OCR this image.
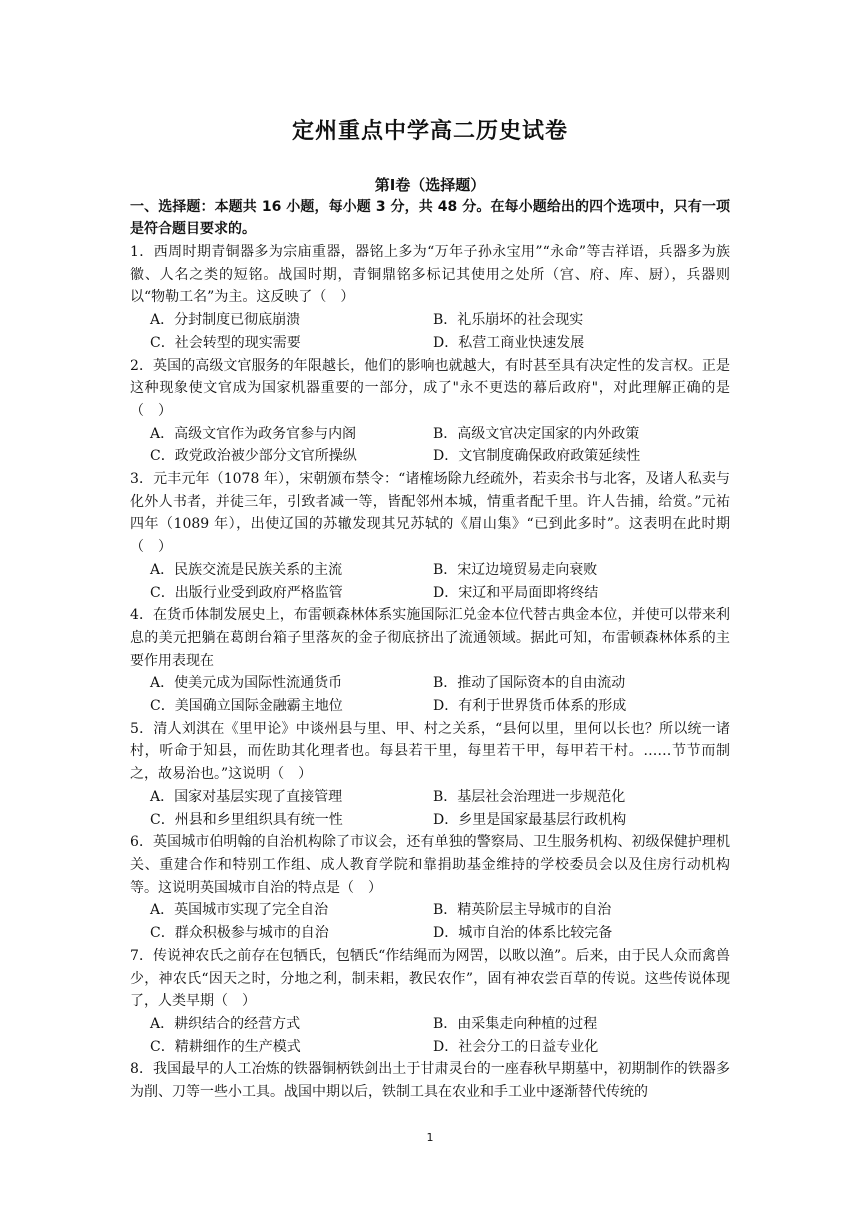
定州重点中学高二历史试卷
第Ⅰ卷（选择题）
一、选择题：本题共 16 小题，每小题 3 分，共 48 分。在每小题给出的四个选项中，只有一项是符合题目要求的。

1．西周时期青铜器多为宗庙重器，器铭上多为“万年子孙永宝用”“永命”等吉祥语，兵器多为族徽、人名之类的短铭。战国时期，青铜鼎铭多标记其使用之处所（宫、府、库、厨），兵器则以“物勒工名”为主。这反映了（　）

A．分封制度已彻底崩溃	B．礼乐崩坏的社会现实
C．社会转型的现实需要	D．私营工商业快速发展

2．英国的高级文官服务的年限越长，他们的影响也就越大，有时甚至具有决定性的发言权。正是这种现象使文官成为国家机器重要的一部分，成了"永不更迭的幕后政府"，对此理解正确的是（　）

A．高级文官作为政务官参与内阁	B．高级文官决定国家的内外政策
C．政党政治被少部分文官所操纵	D．文官制度确保政府政策延续性

3．元丰元年（1078 年），宋朝颁布禁令：“诸榷场除九经疏外，若卖余书与北客，及诸人私卖与化外人书者，并徒三年，引致者减一等，皆配邻州本城，情重者配千里。许人告捕，给赏。”元祐四年（1089 年），出使辽国的苏辙发现其兄苏轼的《眉山集》“已到此多时”。这表明在此时期（　）

A．民族交流是民族关系的主流	B．宋辽边境贸易走向衰败
C．出版行业受到政府严格监管	D．宋辽和平局面即将终结

4．在货币体制发展史上，布雷顿森林体系实施国际汇兑金本位代替古典金本位，并使可以带来利息的美元把躺在葛朗台箱子里落灰的金子彻底挤出了流通领域。据此可知，布雷顿森林体系的主要作用表现在

A．使美元成为国际性流通货币	B．推动了国际资本的自由流动
C．美国确立国际金融霸主地位	D．有利于世界货币体系的形成

5．清人刘淇在《里甲论》中谈州县与里、甲、村之关系，“县何以里，里何以长也？所以统一诸村，听命于知县，而佐助其化理者也。每县若干里，每里若干甲，每甲若干村。……节节而制之，故易治也。”这说明（　）

A．国家对基层实现了直接管理	B．基层社会治理进一步规范化
C．州县和乡里组织具有统一性	D．乡里是国家最基层行政机构

6．英国城市伯明翰的自治机构除了市议会，还有单独的警察局、卫生服务机构、初级保健护理机关、重建合作和特别工作组、成人教育学院和靠捐助基金维持的学校委员会以及住房行动机构等。这说明英国城市自治的特点是（　）

A．英国城市实现了完全自治	B．精英阶层主导城市的自治
C．群众积极参与城市的自治	D．城市自治的体系比较完备

7．传说神农氏之前存在包牺氏，包牺氏“作结绳而为网罟，以畋以渔”。后来，由于民人众而禽兽少，神农氏“因天之时，分地之利，制耒耜，教民农作”，固有神农尝百草的传说。这些传说体现了，人类早期（　）

A．耕织结合的经营方式	B．由采集走向种植的过程
C．精耕细作的生产模式	D．社会分工的日益专业化

8．我国最早的人工冶炼的铁器铜柄铁剑出土于甘肃灵台的一座春秋早期墓中，初期制作的铁器多为削、刀等一些小工具。战国中期以后，铁制工具在农业和手工业中逐渐替代传统的

1
